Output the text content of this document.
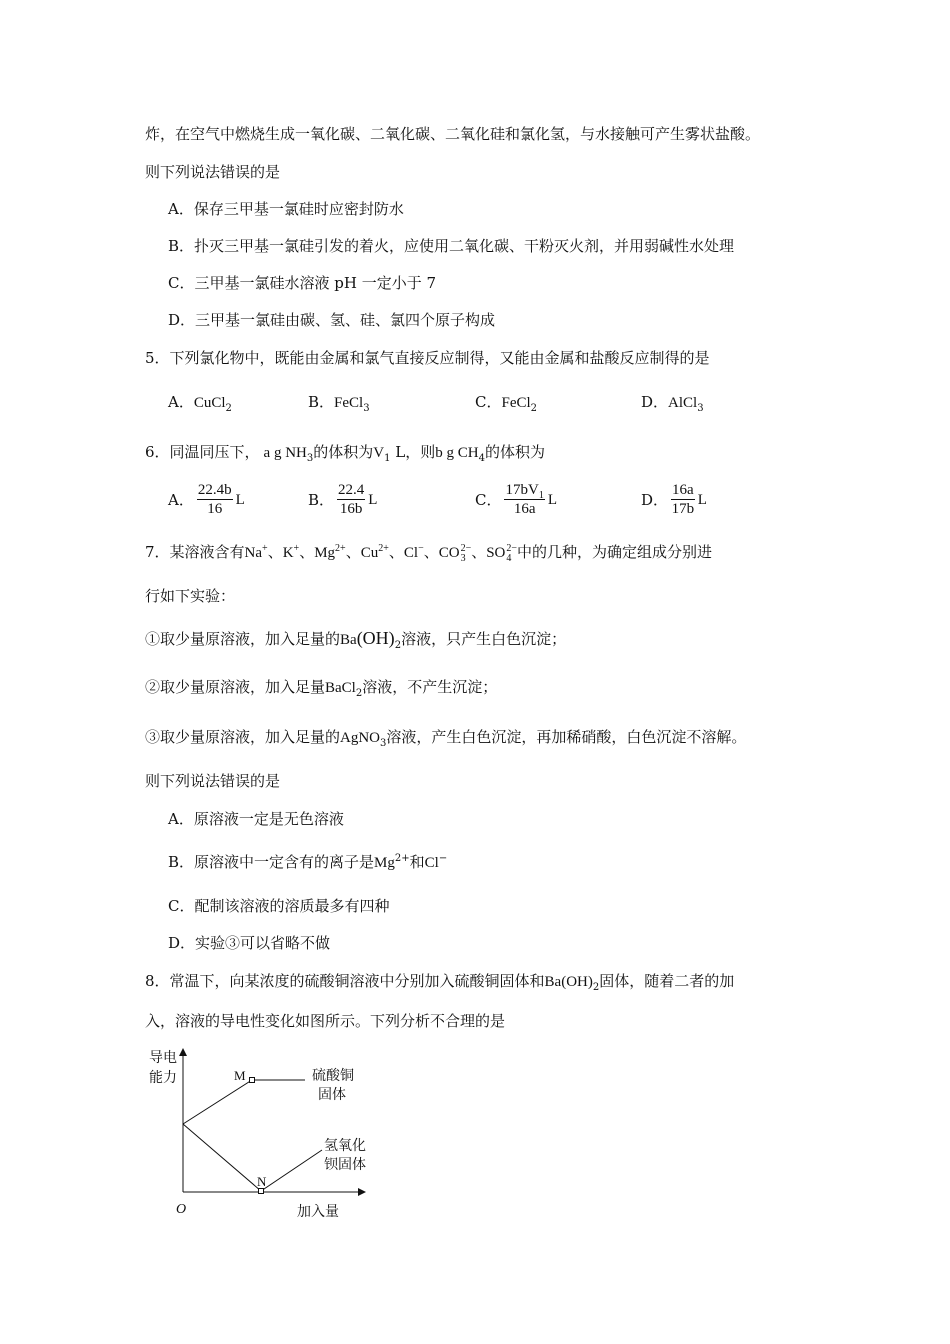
炸，在空气中燃烧生成一氧化碳、二氧化碳、二氧化硅和氯化氢，与水接触可产生雾状盐酸。
则下列说法错误的是
A．保存三甲基一氯硅时应密封防水
B．扑灭三甲基一氯硅引发的着火，应使用二氧化碳、干粉灭火剂，并用弱碱性水处理
C．三甲基一氯硅水溶液 pH 一定小于 7
D．三甲基一氯硅由碳、氢、硅、氯四个原子构成
5．下列氯化物中，既能由金属和氯气直接反应制得，又能由金属和盐酸反应制得的是
A．CuCl$_2$	B．FeCl$_3$	C．FeCl$_2$	D．AlCl$_3$
6．同温同压下， a g $NH_3$的体积为$V_1$ L，则b g $CH_4$的体积为
A． $\frac{22.4b}{16}$ L	B． $\frac{22.4}{16b}$ L	C． $\frac{17bV_1}{16a}$ L	D． $\frac{16a}{17b}$ L
7．某溶液含有Na+、K+、$Mg^{2+}$、$Cu^{2+}$、Cl−、CO 2−
3 、SO 2−
4 中的几种，为确定组成分别进
行如下实验：
①取少量原溶液，加入足量的$Ba(OH)_2$溶液，只产生白色沉淀；
②取少量原溶液，加入足量BaCl$_2$溶液，不产生沉淀；
③取少量原溶液，加入足量的AgNO$_3$溶液，产生白色沉淀，再加稀硝酸，白色沉淀不溶解。
则下列说法错误的是
A．原溶液一定是无色溶液
B．原溶液中一定含有的离子是$Mg^{2+}$和Cl−
C．配制该溶液的溶质最多有四种
D．实验③可以省略不做
8．常温下，向某浓度的硫酸铜溶液中分别加入硫酸铜固体和$Ba(OH)_2$固体，随着二者的加
入，溶液的导电性变化如图所示。下列分析不合理的是
导电
能力
O	加入量
M
N
硫酸铜
固体
氢氧化
钡固体
